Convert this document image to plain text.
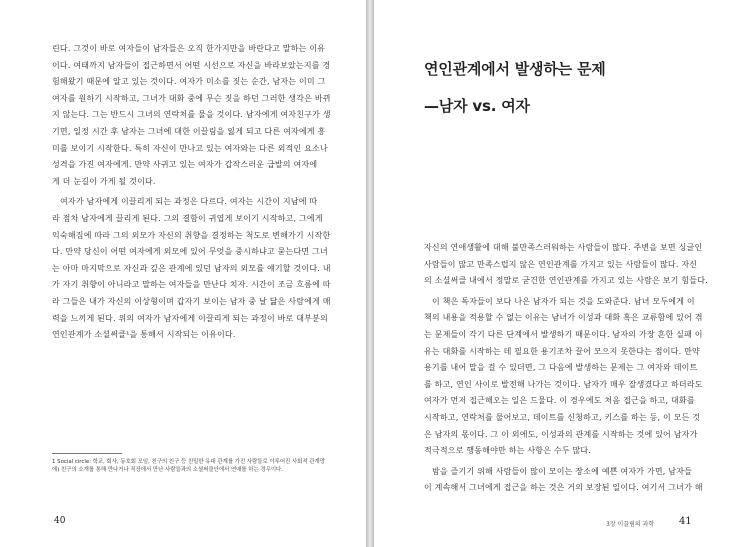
린다. 그것이 바로 여자들이 남자들은 오직 한가지만을 바란다고 말하는 이유
이다. 여태까지 남자들이 접근하면서 어떤 시선으로 자신을 바라보았는지를 경
험해왔기 때문에 알고 있는 것이다. 여자가 미소를 짓는 순간, 남자는 이미 그
여자를 원하기 시작하고, 그녀가 대화 중에 무슨 짓을 하던 그러한 생각은 바뀌
지 않는다. 그는 반드시 그녀의 연락처를 물을 것이다. 남자에게 여자친구가 생
기면, 일정 시간 후 남자는 그녀에 대한 이끌림을 잃게 되고 다른 여자에게 흥
미를 보이기 시작한다. 특히 자신이 만나고 있는 여자와는 다른 외적인 요소나
성격을 가진 여자에게. 만약 사귀고 있는 여자가 갑작스러운 급발의 여자에
게 더 눈길이 가게 될 것이다.
여자가 남자에게 이끌리게 되는 과정은 다르다. 여자는 시간이 지남에 따
라 점차 남자에게 끌리게 된다. 그의 결함이 귀엽게 보이기 시작하고, 그에게
익숙해짐에 따라 그의 외모가 자신의 취향을 결정하는 척도로 변해가기 시작한
다. 만약 당신이 어떤 여자에게 외모에 있어 무엇을 중시하냐고 묻는다면 그녀
는 아마 마지막으로 자신과 깊은 관계에 있던 남자의 외모를 얘기할 것이다. 내
가 자기 취향이 아니라고 말하는 여자들을 만난다 치자. 시간이 조금 흐름에 따
라 그들은 내가 자신의 이상형이며 갑자기 보이는 남자 중 날 닮은 사람에게 매
력을 느끼게 된다. 위의 여자가 남자에게 이끌리게 되는 과정이 바로 대부분의
연인관계가 소셜써클¹을 통해서 시작되는 이유이다.
1 Social circle: 학교, 회사, 동호회 모임, 친구의 친구 등 친밀한 유대 관계를 가진 사람들로 이루어진 사회적 관계망
에) 친구의 소개를 통해 만나거나 직장에서 만난 사람들과의 소셜써클안에서 연애를 하는 경우이다.
40
연인관계에서 발생하는 문제
—남자 vs. 여자
자신의 연애생활에 대해 불만족스러워하는 사람들이 많다. 주변을 보면 싱글인
사람들이 많고 만족스럽지 않은 연인관계를 가지고 있는 사람들이 많다. 자신
의 소셜써클 내에서 정말로 굳건한 연인관계를 가지고 있는 사람은 보기 힘들다.
이 책은 독자들이 보다 나은 남자가 되는 것을 도와준다. 남녀 모두에게 이
책의 내용을 적용할 수 없는 이유는 남녀가 이성과 대화 혹은 교류함에 있어 겪
는 문제들이 각기 다른 단계에서 발생하기 때문이다. 남자의 가장 흔한 실패 이
유는 대화를 시작하는 데 필요한 용기조차 끌어 모으지 못한다는 점이다. 만약
용기를 내어 말을 걸 수 있더면, 그 다음에 발생하는 문제는 그 여자와 데이트
를 하고, 연인 사이로 발전해 나가는 것이다. 남자가 매우 잘생겼다고 하더라도
여자가 먼저 접근해오는 일은 드물다. 이 경우에도 처음 접근을 하고, 대화를
시작하고, 연락처를 물어보고, 데이트를 신청하고, 키스를 하는 등, 이 모든 것
은 남자의 몫이다. 그 이 외에도, 이성과의 관계를 시작하는 것에 있어 남자가
적극적으로 행동해야만 하는 사항은 수두 많다.
밤을 즐기기 위해 사람들이 많이 모이는 장소에 예쁜 여자가 가면, 남자들
이 계속해서 그녀에게 접근을 하는 것은 거의 보장된 일이다. 여기서 그녀가 해
3장 이끌림의 과학 41
